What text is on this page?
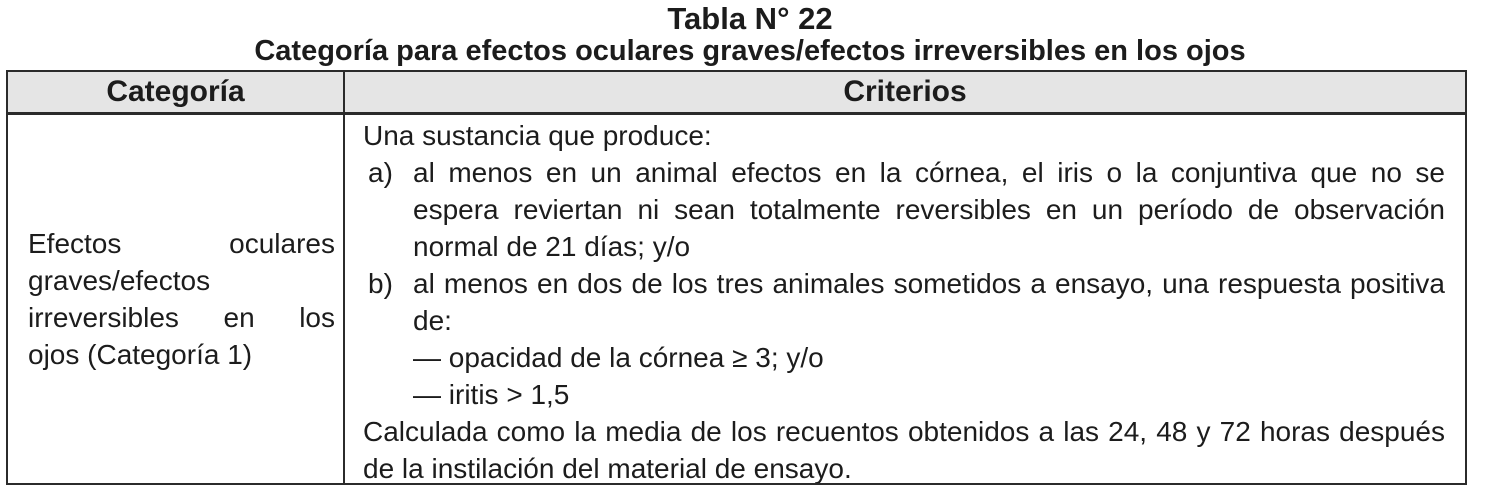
Tabla N° 22
Categoría para efectos oculares graves/efectos irreversibles en los ojos
Categoría	Criterios
Efectos oculares
graves/efectos
irreversibles en los
ojos (Categoría 1)

Una sustancia que produce:

a) al menos en un animal efectos en la córnea, el iris o la conjuntiva que no se espera reviertan ni sean totalmente reversibles en un período de observación normal de 21 días; y/o

b) al menos en dos de los tres animales sometidos a ensayo, una respuesta positiva de:

— opacidad de la córnea ≥ 3; y/o

— iritis > 1,5

Calculada como la media de los recuentos obtenidos a las 24, 48 y 72 horas después de la instilación del material de ensayo.
